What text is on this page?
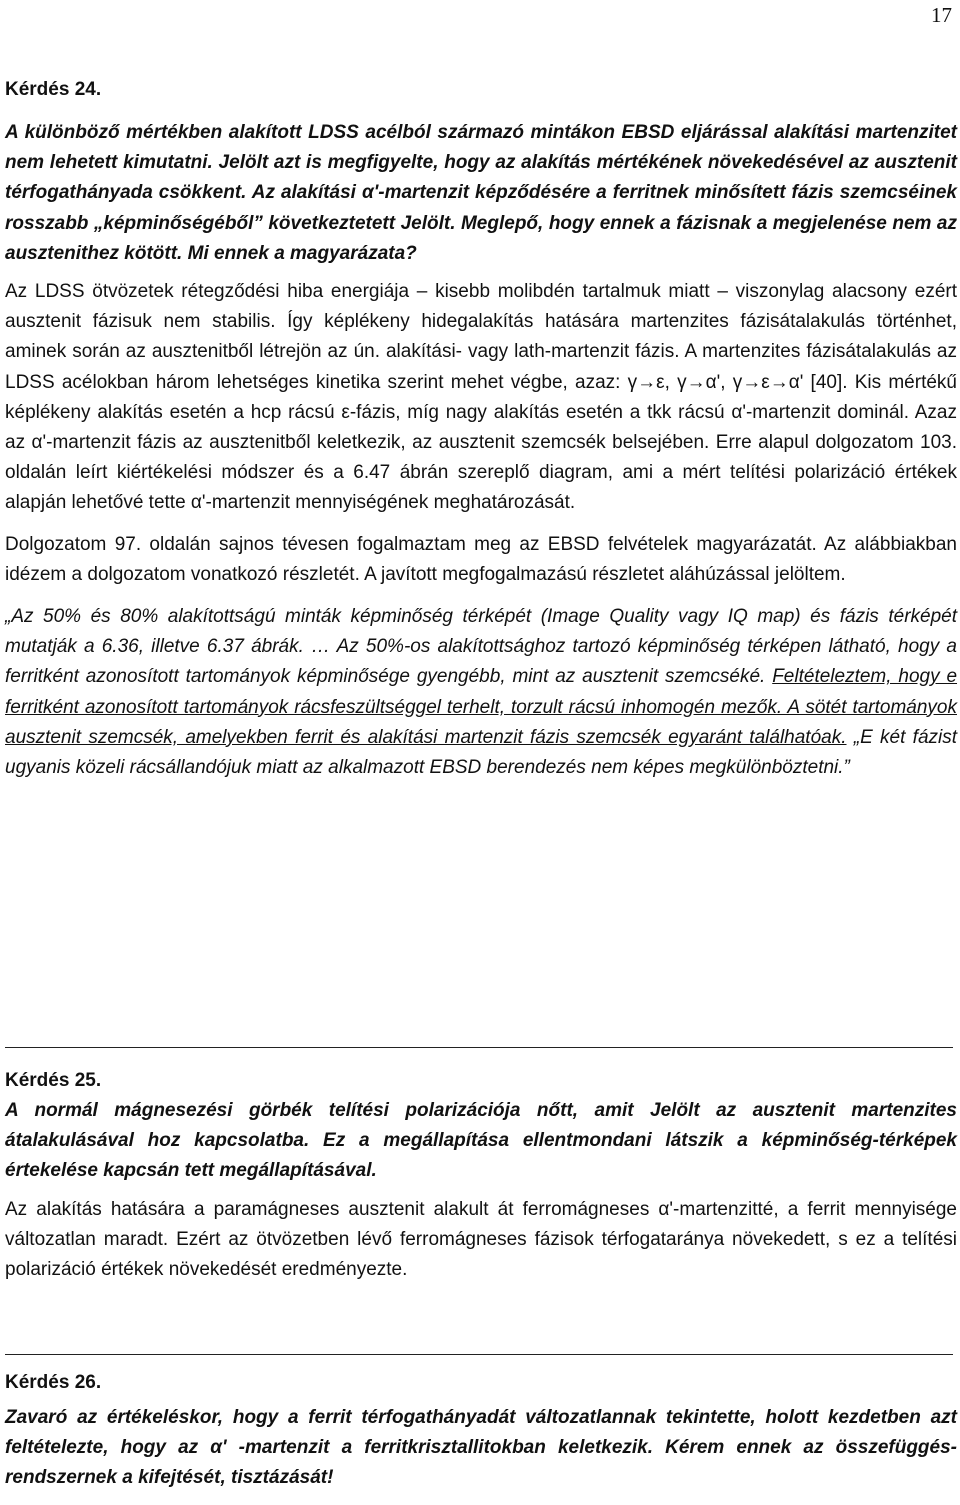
17
Kérdés 24.

A különböző mértékben alakított LDSS acélból származó mintákon EBSD eljárással alakítási martenzitet nem lehetett kimutatni. Jelölt azt is megfigyelte, hogy az alakítás mértékének növekedésével az ausztenit térfogathányada csökkent. Az alakítási α'-martenzit képződésére a ferritnek minősített fázis szemcséinek rosszabb „képminőségéből” következtetett Jelölt. Meglepő, hogy ennek a fázisnak a megjelenése nem az ausztenithez kötött. Mi ennek a magyarázata?

Az LDSS ötvözetek rétegződési hiba energiája – kisebb molibdén tartalmuk miatt – viszonylag alacsony ezért ausztenit fázisuk nem stabilis. Így képlékeny hidegalakítás hatására martenzites fázisátalakulás történhet, aminek során az ausztenitből létrejön az ún. alakítási- vagy lath-martenzit fázis. A martenzites fázisátalakulás az LDSS acélokban három lehetséges kinetika szerint mehet végbe, azaz: γ→ε, γ→α', γ→ε→α' [40]. Kis mértékű képlékeny alakítás esetén a hcp rácsú ε-fázis, míg nagy alakítás esetén a tkk rácsú α'-martenzit dominál. Azaz az α'-martenzit fázis az ausztenitből keletkezik, az ausztenit szemcsék belsejében. Erre alapul dolgozatom 103. oldalán leírt kiértékelési módszer és a 6.47 ábrán szereplő diagram, ami a mért telítési polarizáció értékek alapján lehetővé tette α'-martenzit mennyiségének meghatározását.

Dolgozatom 97. oldalán sajnos tévesen fogalmaztam meg az EBSD felvételek magyarázatát. Az alábbiakban idézem a dolgozatom vonatkozó részletét. A javított megfogalmazású részletet aláhúzással jelöltem.

„Az 50% és 80% alakítottságú minták képminőség térképét (Image Quality vagy IQ map) és fázis térképét mutatják a 6.36, illetve 6.37 ábrák. … Az 50%-os alakítottsághoz tartozó képminőség térképen látható, hogy a ferritként azonosított tartományok képminősége gyengébb, mint az ausztenit szemcséké. Feltételeztem, hogy e ferritként azonosított tartományok rácsfeszültséggel terhelt, torzult rácsú inhomogén mezők. A sötét tartományok ausztenit szemcsék, amelyekben ferrit és alakítási martenzit fázis szemcsék egyaránt találhatóak. „E két fázist ugyanis közeli rácsállandójuk miatt az alkalmazott EBSD berendezés nem képes megkülönböztetni.”

Kérdés 25.

A normál mágnesezési görbék telítési polarizációja nőtt, amit Jelölt az ausztenit martenzites átalakulásával hoz kapcsolatba. Ez a megállapítása ellentmondani látszik a képminőség-térképek értekelése kapcsán tett megállapításával.

Az alakítás hatására a paramágneses ausztenit alakult át ferromágneses α'-martenzitté, a ferrit mennyisége változatlan maradt. Ezért az ötvözetben lévő ferromágneses fázisok térfogataránya növekedett, s ez a telítési polarizáció értékek növekedését eredményezte.

Kérdés 26.

Zavaró az értékeléskor, hogy a ferrit térfogathányadát változatlannak tekintette, holott kezdetben azt feltételezte, hogy az α' -martenzit a ferritkrisztallitokban keletkezik. Kérem ennek az összefüggés-rendszernek a kifejtését, tisztázását!
